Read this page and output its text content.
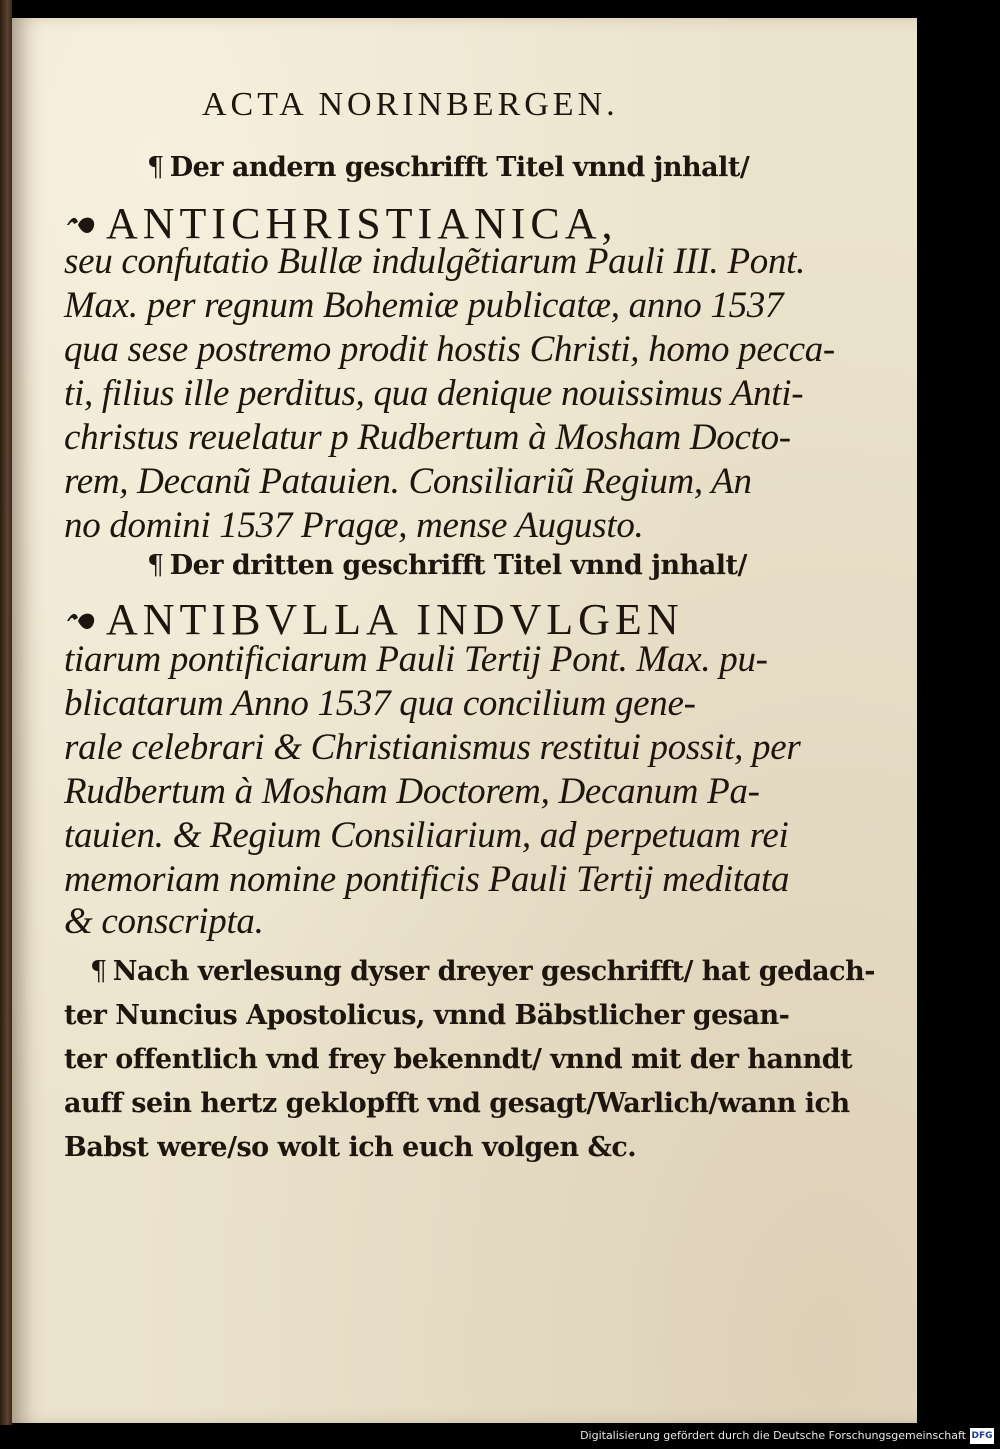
ACTA NORINBERGEN.
¶ Der andern geschrifft Titel vnnd jnhalt/
ANTICHRISTIANICA,
seu confutatio Bullæ indulgẽtiarum Pauli III. Pont.
Max. per regnum Bohemiæ publicatæ, anno 1537
qua sese postremo prodit hostis Christi, homo pecca-
ti, filius ille perditus, qua denique nouissimus Anti-
christus reuelatur p Rudbertum à Mosham Docto-
rem, Decanũ Patauien. Consiliariũ Regium, An
no domini 1537 Pragæ, mense Augusto.
¶ Der dritten geschrifft Titel vnnd jnhalt/
ANTIBVLLA INDVLGEN
tiarum pontificiarum Pauli Tertij Pont. Max. pu-
blicatarum Anno 1537 qua concilium gene-
rale celebrari & Christianismus restitui possit, per
Rudbertum à Mosham Doctorem, Decanum Pa-
tauien. & Regium Consiliarium, ad perpetuam rei
memoriam nomine pontificis Pauli Tertij meditata
& conscripta.
¶ Nach verlesung dyser dreyer geschrifft/ hat gedach-
ter Nuncius Apostolicus, vnnd Bäbstlicher gesan-
ter offentlich vnd frey bekenndt/ vnnd mit der hanndt
auff sein hertz geklopfft vnd gesagt/Warlich/wann ich
Babst were/so wolt ich euch volgen &c.
Digitalisierung gefördert durch die Deutsche Forschungsgemeinschaft DFG
